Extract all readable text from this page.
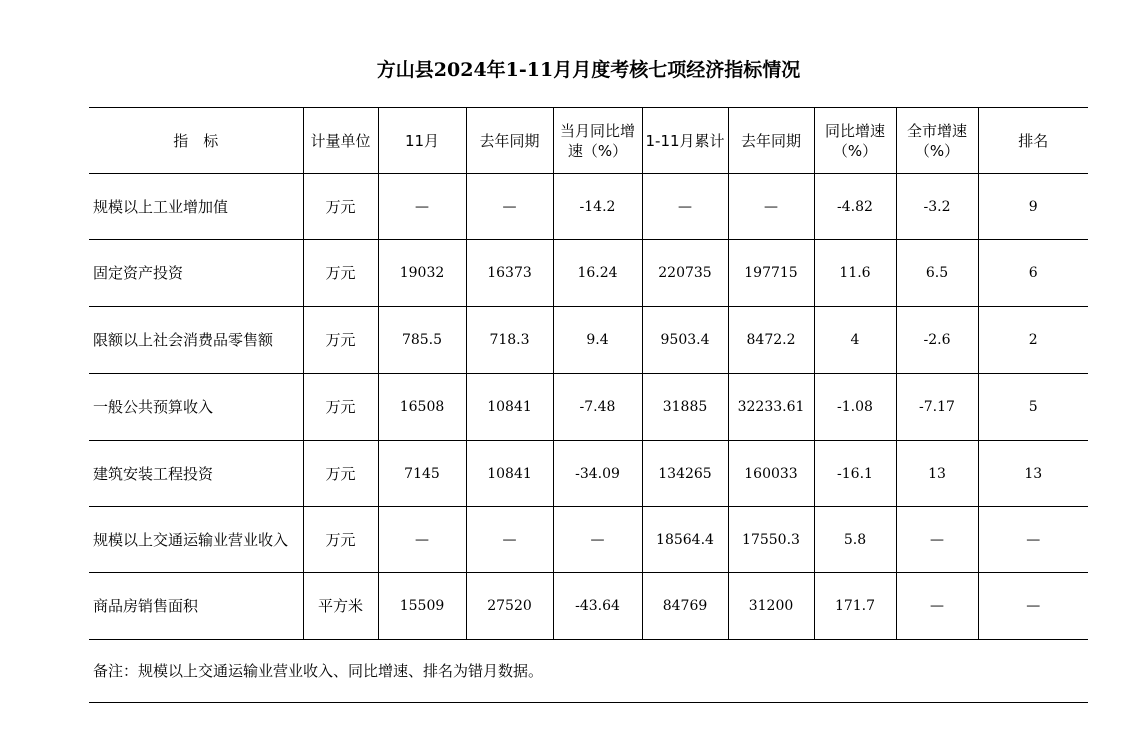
方山县2024年1-11月月度考核七项经济指标情况
指　标	计量单位	11月	去年同期	当月同比增速（%）	1-11月累计	去年同期	同比增速（%）	全市增速（%）	排名
规模以上工业增加值	万元	—	—	-14.2	—	—	-4.82	-3.2	9
固定资产投资	万元	19032	16373	16.24	220735	197715	11.6	6.5	6
限额以上社会消费品零售额	万元	785.5	718.3	9.4	9503.4	8472.2	4	-2.6	2
一般公共预算收入	万元	16508	10841	-7.48	31885	32233.61	-1.08	-7.17	5
建筑安装工程投资	万元	7145	10841	-34.09	134265	160033	-16.1	13	13
规模以上交通运输业营业收入	万元	—	—	—	18564.4	17550.3	5.8	—	—
商品房销售面积	平方米	15509	27520	-43.64	84769	31200	171.7	—	—
备注：规模以上交通运输业营业收入、同比增速、排名为错月数据。
